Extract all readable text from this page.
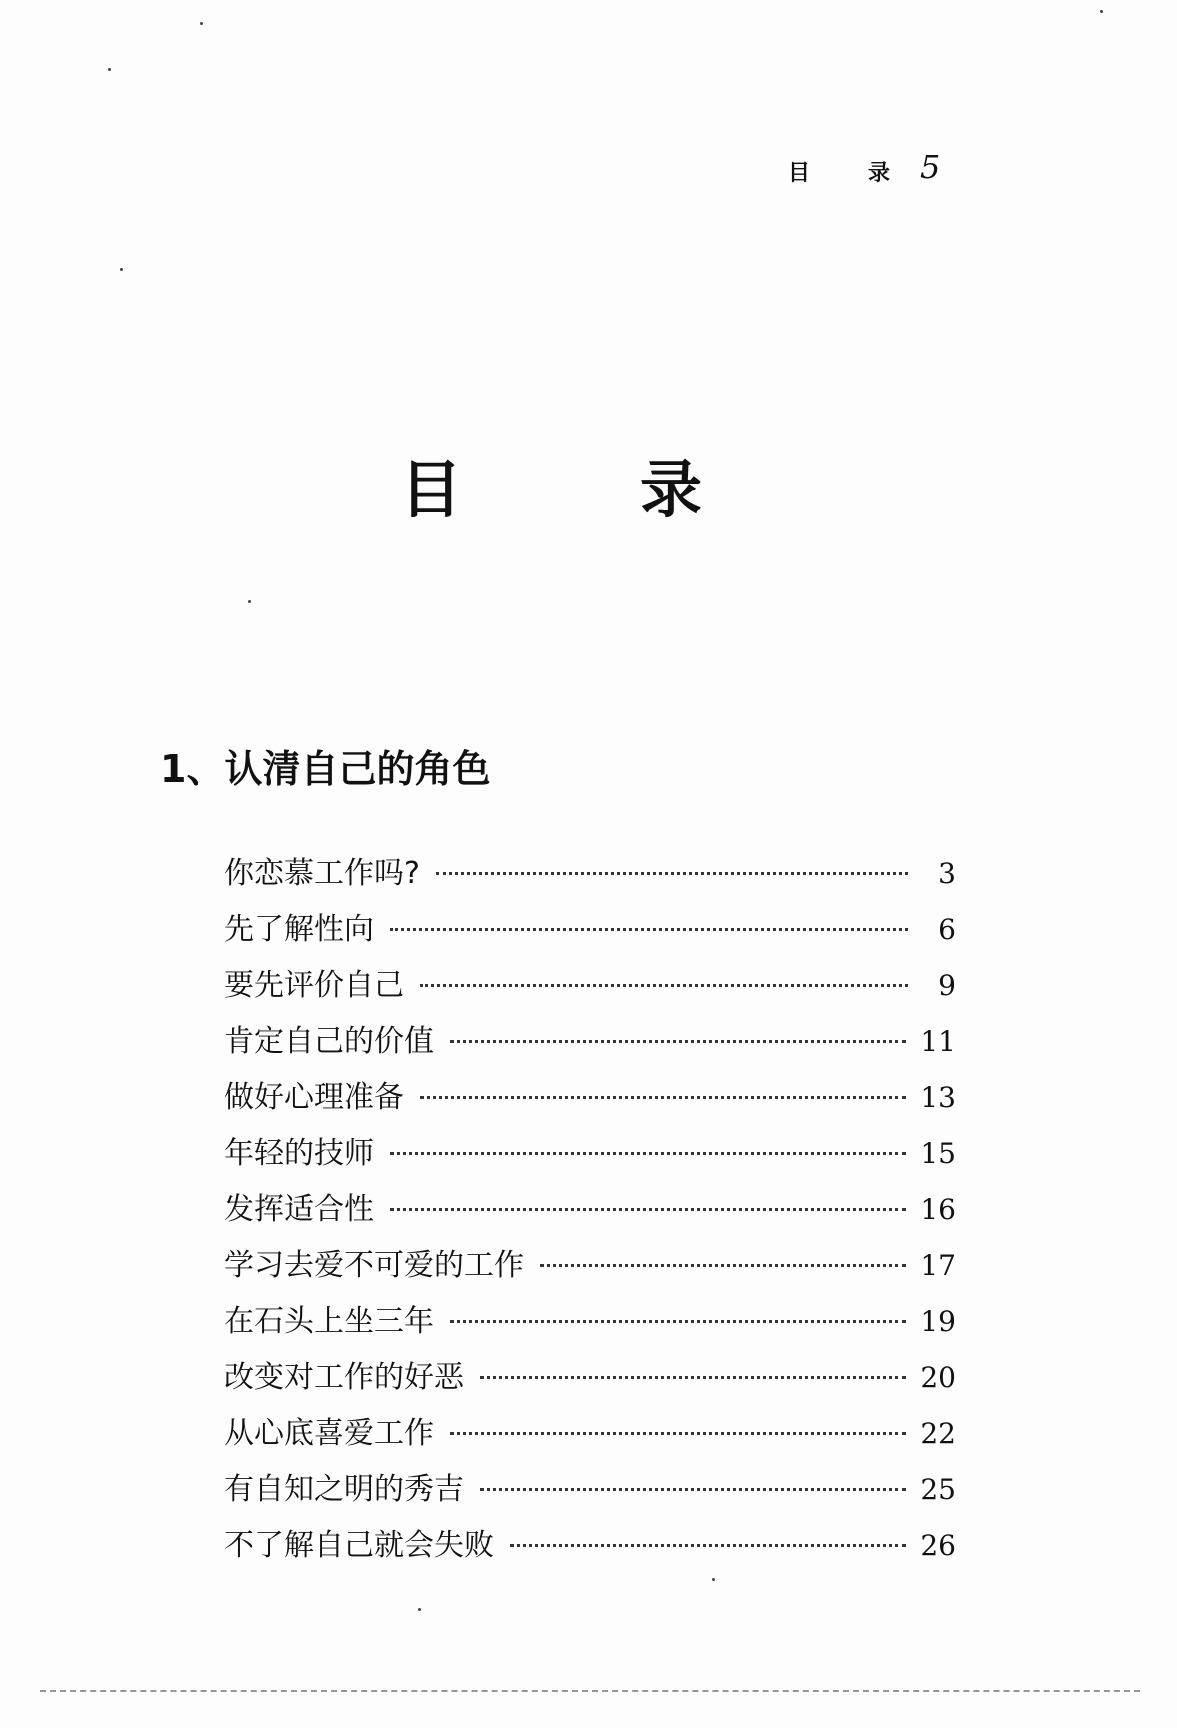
目	录 5
目	录
1、认清自己的角色
你恋慕工作吗?	3
先了解性向	6
要先评价自己	9
肯定自己的价值	11
做好心理准备	13
年轻的技师	15
发挥适合性	16
学习去爱不可爱的工作	17
在石头上坐三年	19
改变对工作的好恶	20
从心底喜爱工作	22
有自知之明的秀吉	25
不了解自己就会失败	26
